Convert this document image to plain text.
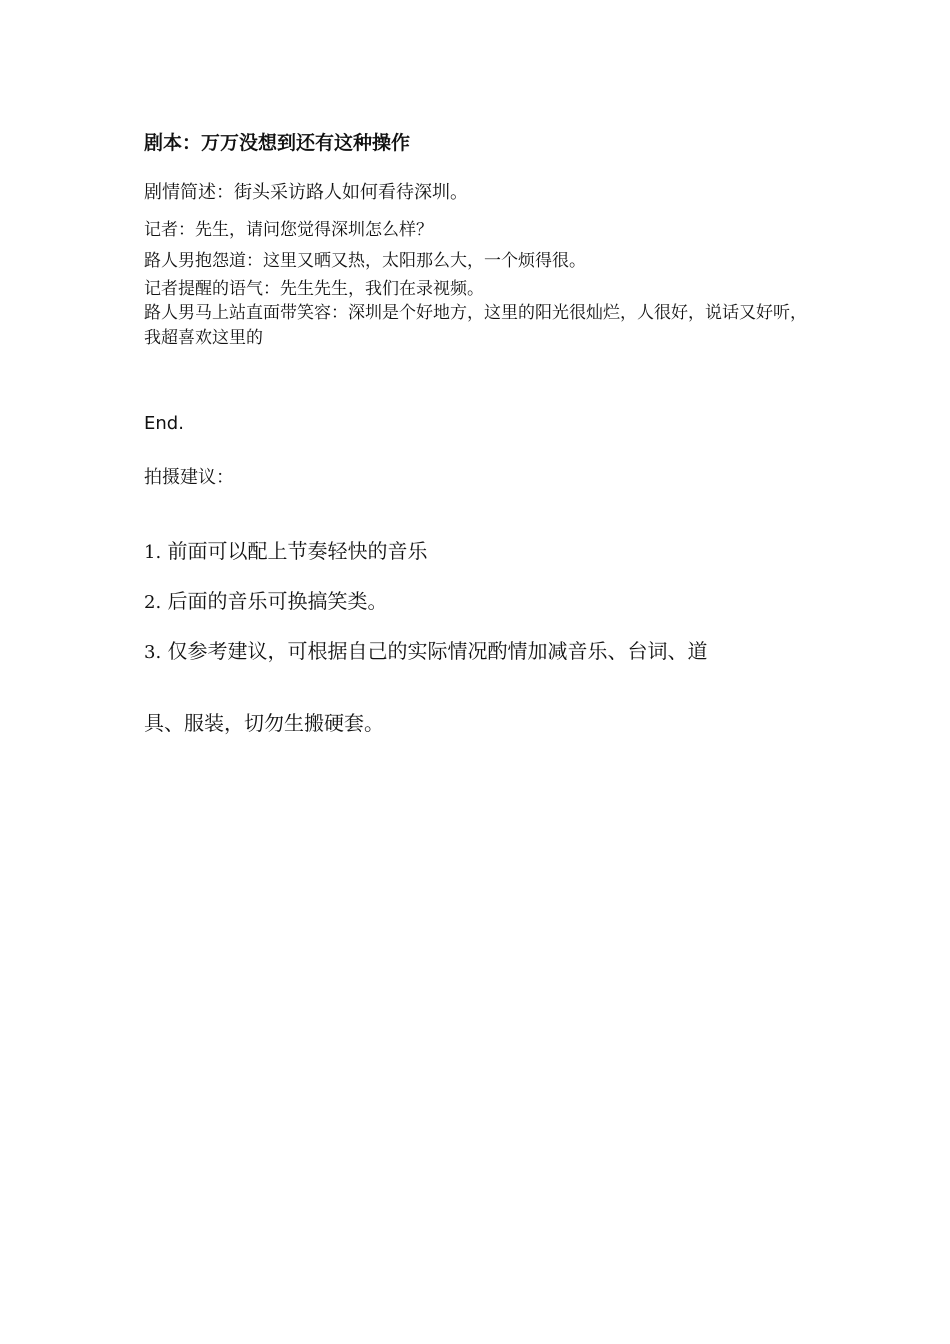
剧本：万万没想到还有这种操作
剧情简述：街头采访路人如何看待深圳。
记者：先生，请问您觉得深圳怎么样？
路人男抱怨道：这里又晒又热，太阳那么大，一个烦得很。
记者提醒的语气：先生先生，我们在录视频。
路人男马上站直面带笑容：深圳是个好地方，这里的阳光很灿烂，人很好，说话又好听，我超喜欢这里的
End.
拍摄建议：
1. 前面可以配上节奏轻快的音乐
2. 后面的音乐可换搞笑类。
3. 仅参考建议，可根据自己的实际情况酌情加减音乐、台词、道
具、服装，切勿生搬硬套。
